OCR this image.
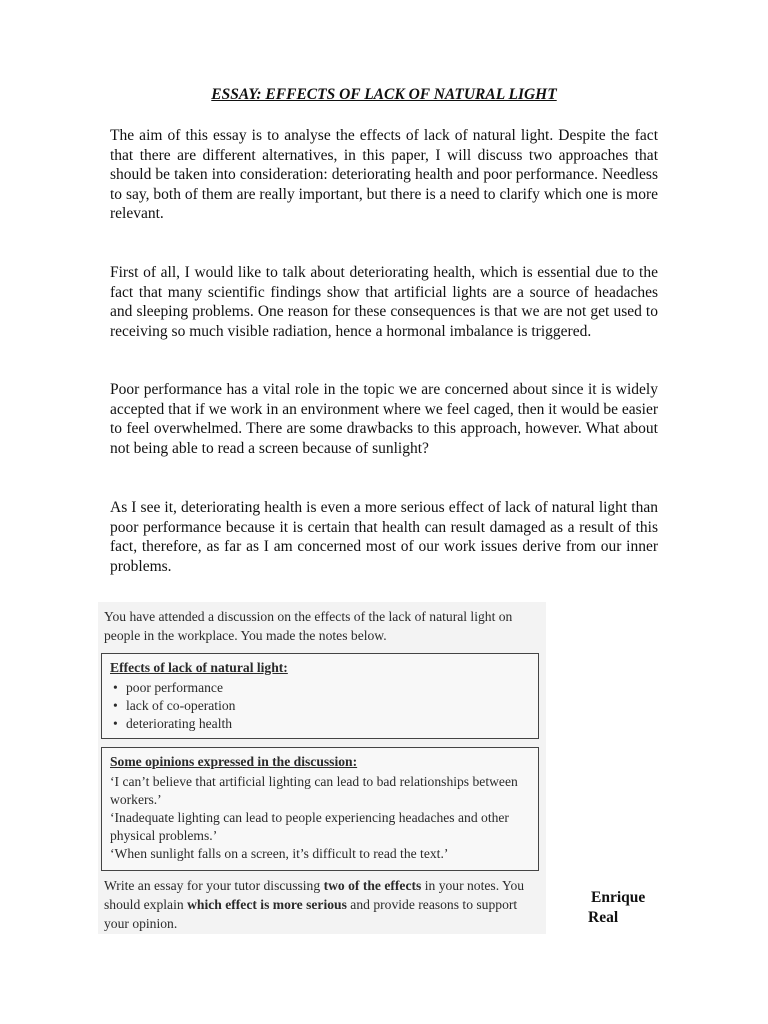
ESSAY: EFFECTS OF LACK OF NATURAL LIGHT

The aim of this essay is to analyse the effects of lack of natural light. Despite the fact that there are different alternatives, in this paper, I will discuss two approaches that should be taken into consideration: deteriorating health and poor performance. Needless to say, both of them are really important, but there is a need to clarify which one is more relevant.

First of all, I would like to talk about deteriorating health, which is essential due to the fact that many scientific findings show that artificial lights are a source of headaches and sleeping problems. One reason for these consequences is that we are not get used to receiving so much visible radiation, hence a hormonal imbalance is triggered.

Poor performance has a vital role in the topic we are concerned about since it is widely accepted that if we work in an environment where we feel caged, then it would be easier to feel overwhelmed. There are some drawbacks to this approach, however. What about not being able to read a screen because of sunlight?

As I see it, deteriorating health is even a more serious effect of lack of natural light than poor performance because it is certain that health can result damaged as a result of this fact, therefore, as far as I am concerned most of our work issues derive from our inner problems.

You have attended a discussion on the effects of the lack of natural light on people in the workplace. You made the notes below.

Effects of lack of natural light:
• poor performance
• lack of co-operation
• deteriorating health
Some opinions expressed in the discussion:

‘I can’t believe that artificial lighting can lead to bad relationships between workers.’

‘Inadequate lighting can lead to people experiencing headaches and other physical problems.’

‘When sunlight falls on a screen, it’s difficult to read the text.’

Write an essay for your tutor discussing two of the effects in your notes. You should explain which effect is more serious and provide reasons to support your opinion.

Enrique
Real
